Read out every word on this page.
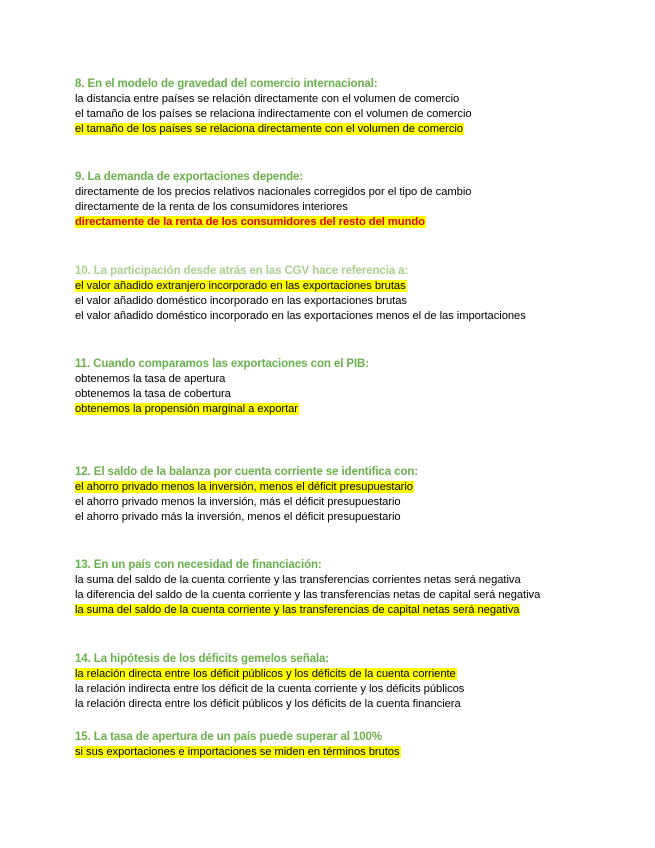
8. En el modelo de gravedad del comercio internacional:
la distancia entre países se relación directamente con el volumen de comercio
el tamaño de los países se relaciona indirectamente con el volumen de comercio
el tamaño de los países se relaciona directamente con el volumen de comercio
9. La demanda de exportaciones depende:
directamente de los precios relativos nacionales corregidos por el tipo de cambio
directamente de la renta de los consumidores interiores
directamente de la renta de los consumidores del resto del mundo
10. La participación desde atrás en las CGV hace referencia a:
el valor añadido extranjero incorporado en las exportaciones brutas
el valor añadido doméstico incorporado en las exportaciones brutas
el valor añadido doméstico incorporado en las exportaciones menos el de las importaciones
11. Cuando comparamos las exportaciones con el PIB:
obtenemos la tasa de apertura
obtenemos la tasa de cobertura
obtenemos la propensión marginal a exportar
12. El saldo de la balanza por cuenta corriente se identifica con:
el ahorro privado menos la inversión, menos el déficit presupuestario
el ahorro privado menos la inversión, más el déficit presupuestario
el ahorro privado más la inversión, menos el déficit presupuestario
13. En un país con necesidad de financiación:
la suma del saldo de la cuenta corriente y las transferencias corrientes netas será negativa
la diferencia del saldo de la cuenta corriente y las transferencias netas de capital será negativa
la suma del saldo de la cuenta corriente y las transferencias de capital netas será negativa
14. La hipótesis de los déficits gemelos señala:
la relación directa entre los déficit públicos y los déficits de la cuenta corriente
la relación indirecta entre los déficit de la cuenta corriente y los déficits públicos
la relación directa entre los déficit públicos y los déficits de la cuenta financiera
15. La tasa de apertura de un país puede superar al 100%
si sus exportaciones e importaciones se miden en términos brutos
